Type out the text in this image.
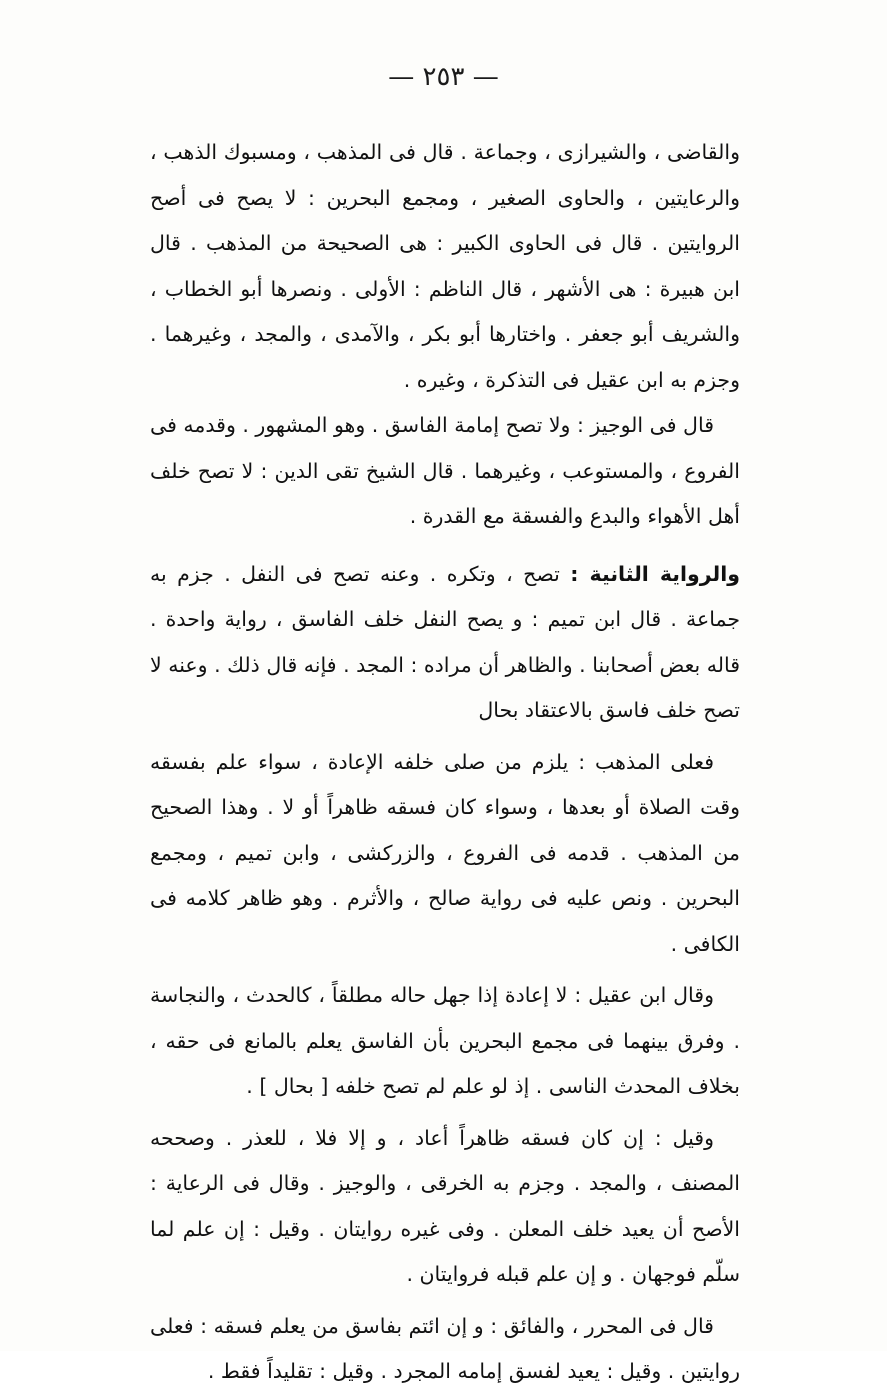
— ٢٥٣ —

والقاضى ، والشيرازى ، وجماعة . قال فى المذهب ، ومسبوك الذهب ، والرعايتين ، والحاوى الصغير ، ومجمع البحرين : لا يصح فى أصح الروايتين . قال فى الحاوى الكبير : هى الصحيحة من المذهب . قال ابن هبيرة : هى الأشهر ، قال الناظم : الأولى . ونصرها أبو الخطاب ، والشريف أبو جعفر . واختارها أبو بكر ، والآمدى ، والمجد ، وغيرهما . وجزم به ابن عقيل فى التذكرة ، وغيره .

قال فى الوجيز : ولا تصح إمامة الفاسق . وهو المشهور . وقدمه فى الفروع ، والمستوعب ، وغيرهما . قال الشيخ تقى الدين : لا تصح خلف أهل الأهواء والبدع والفسقة مع القدرة .

والرواية الثانية : تصح ، وتكره . وعنه تصح فى النفل . جزم به جماعة . قال ابن تميم : و يصح النفل خلف الفاسق ، رواية واحدة . قاله بعض أصحابنا . والظاهر أن مراده : المجد . فإنه قال ذلك . وعنه لا تصح خلف فاسق بالاعتقاد بحال

فعلى المذهب : يلزم من صلى خلفه الإعادة ، سواء علم بفسقه وقت الصلاة أو بعدها ، وسواء كان فسقه ظاهراً أو لا . وهذا الصحيح من المذهب . قدمه فى الفروع ، والزركشى ، وابن تميم ، ومجمع البحرين . ونص عليه فى رواية صالح ، والأثرم . وهو ظاهر كلامه فى الكافى .

وقال ابن عقيل : لا إعادة إذا جهل حاله مطلقاً ، كالحدث ، والنجاسة . وفرق بينهما فى مجمع البحرين بأن الفاسق يعلم بالمانع فى حقه ، بخلاف المحدث الناسى . إذ لو علم لم تصح خلفه [ بحال ] .

وقيل : إن كان فسقه ظاهراً أعاد ، و إلا فلا ، للعذر . وصححه المصنف ، والمجد . وجزم به الخرقى ، والوجيز . وقال فى الرعاية : الأصح أن يعيد خلف المعلن . وفى غيره روايتان . وقيل : إن علم لما سلّم فوجهان . و إن علم قبله فروايتان .

قال فى المحرر ، والفائق : و إن ائتم بفاسق من يعلم فسقه : فعلى روايتين . وقيل : يعيد لفسق إمامه المجرد . وقيل : تقليداً فقط .
